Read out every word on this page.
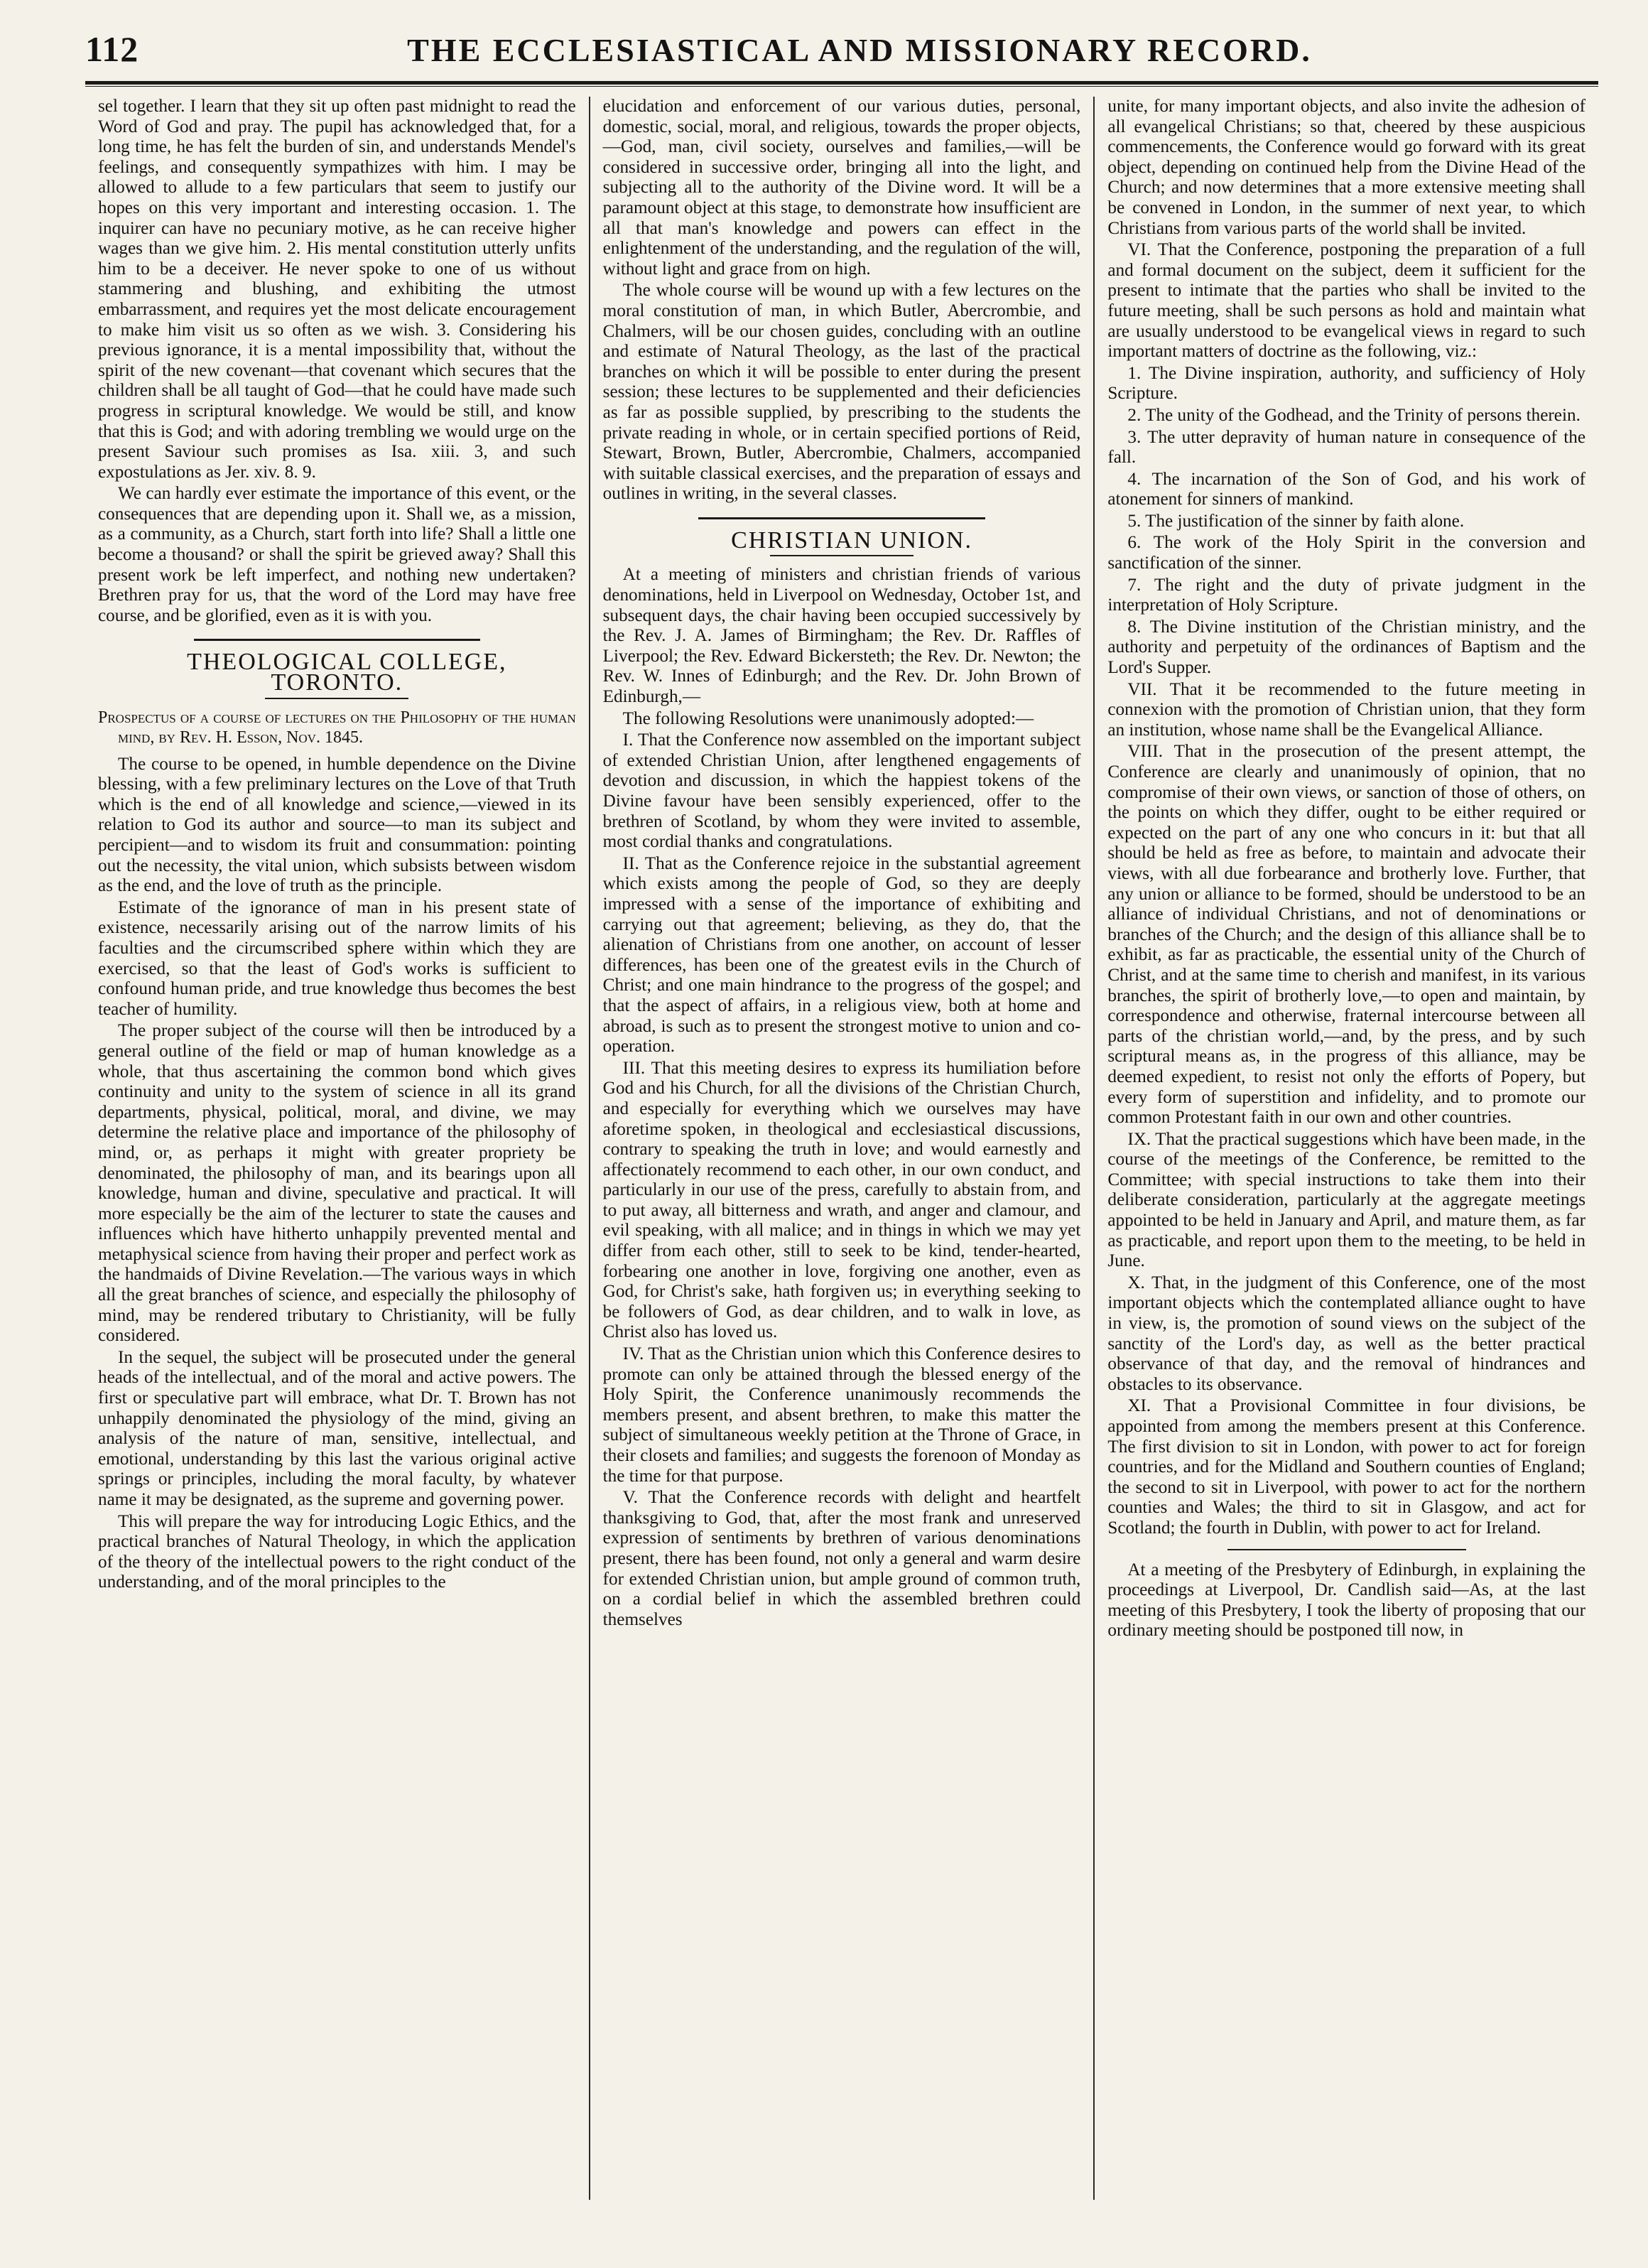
112	THE ECCLESIASTICAL AND MISSIONARY RECORD.

sel together. I learn that they sit up often past midnight to read the Word of God and pray. The pupil has acknowledged that, for a long time, he has felt the burden of sin, and understands Mendel's feelings, and consequently sympathizes with him. I may be allowed to allude to a few particulars that seem to justify our hopes on this very important and interesting occasion. 1. The inquirer can have no pecuniary motive, as he can receive higher wages than we give him. 2. His mental constitution utterly unfits him to be a deceiver. He never spoke to one of us without stammering and blushing, and exhibiting the utmost embarrassment, and requires yet the most delicate encouragement to make him visit us so often as we wish. 3. Considering his previous ignorance, it is a mental impossibility that, without the spirit of the new covenant—that covenant which secures that the children shall be all taught of God—that he could have made such progress in scriptural knowledge. We would be still, and know that this is God; and with adoring trembling we would urge on the present Saviour such promises as Isa. xiii. 3, and such expostulations as Jer. xiv. 8. 9.

We can hardly ever estimate the importance of this event, or the consequences that are depending upon it. Shall we, as a mission, as a community, as a Church, start forth into life? Shall a little one become a thousand? or shall the spirit be grieved away? Shall this present work be left imperfect, and nothing new undertaken? Brethren pray for us, that the word of the Lord may have free course, and be glorified, even as it is with you.

THEOLOGICAL COLLEGE, TORONTO.

Prospectus of a course of lectures on the Philosophy of the human mind, by Rev. H. Esson, Nov. 1845.

The course to be opened, in humble dependence on the Divine blessing, with a few preliminary lectures on the Love of that Truth which is the end of all knowledge and science,—viewed in its relation to God its author and source—to man its subject and percipient—and to wisdom its fruit and consummation: pointing out the necessity, the vital union, which subsists between wisdom as the end, and the love of truth as the principle.

Estimate of the ignorance of man in his present state of existence, necessarily arising out of the narrow limits of his faculties and the circumscribed sphere within which they are exercised, so that the least of God's works is sufficient to confound human pride, and true knowledge thus becomes the best teacher of humility.

The proper subject of the course will then be introduced by a general outline of the field or map of human knowledge as a whole, that thus ascertaining the common bond which gives continuity and unity to the system of science in all its grand departments, physical, political, moral, and divine, we may determine the relative place and importance of the philosophy of mind, or, as perhaps it might with greater propriety be denominated, the philosophy of man, and its bearings upon all knowledge, human and divine, speculative and practical. It will more especially be the aim of the lecturer to state the causes and influences which have hitherto unhappily prevented mental and metaphysical science from having their proper and perfect work as the handmaids of Divine Revelation.—The various ways in which all the great branches of science, and especially the philosophy of mind, may be rendered tributary to Christianity, will be fully considered.

In the sequel, the subject will be prosecuted under the general heads of the intellectual, and of the moral and active powers. The first or speculative part will embrace, what Dr. T. Brown has not unhappily denominated the physiology of the mind, giving an analysis of the nature of man, sensitive, intellectual, and emotional, understanding by this last the various original active springs or principles, including the moral faculty, by whatever name it may be designated, as the supreme and governing power.

This will prepare the way for introducing Logic Ethics, and the practical branches of Natural Theology, in which the application of the theory of the intellectual powers to the right conduct of the understanding, and of the moral principles to the

elucidation and enforcement of our various duties, personal, domestic, social, moral, and religious, towards the proper objects,—God, man, civil society, ourselves and families,—will be considered in successive order, bringing all into the light, and subjecting all to the authority of the Divine word. It will be a paramount object at this stage, to demonstrate how insufficient are all that man's knowledge and powers can effect in the enlightenment of the understanding, and the regulation of the will, without light and grace from on high.

The whole course will be wound up with a few lectures on the moral constitution of man, in which Butler, Abercrombie, and Chalmers, will be our chosen guides, concluding with an outline and estimate of Natural Theology, as the last of the practical branches on which it will be possible to enter during the present session; these lectures to be supplemented and their deficiencies as far as possible supplied, by prescribing to the students the private reading in whole, or in certain specified portions of Reid, Stewart, Brown, Butler, Abercrombie, Chalmers, accompanied with suitable classical exercises, and the preparation of essays and outlines in writing, in the several classes.

CHRISTIAN UNION.

At a meeting of ministers and christian friends of various denominations, held in Liverpool on Wednesday, October 1st, and subsequent days, the chair having been occupied successively by the Rev. J. A. James of Birmingham; the Rev. Dr. Raffles of Liverpool; the Rev. Edward Bickersteth; the Rev. Dr. Newton; the Rev. W. Innes of Edinburgh; and the Rev. Dr. John Brown of Edinburgh,—

The following Resolutions were unanimously adopted:—

I. That the Conference now assembled on the important subject of extended Christian Union, after lengthened engagements of devotion and discussion, in which the happiest tokens of the Divine favour have been sensibly experienced, offer to the brethren of Scotland, by whom they were invited to assemble, most cordial thanks and congratulations.

II. That as the Conference rejoice in the substantial agreement which exists among the people of God, so they are deeply impressed with a sense of the importance of exhibiting and carrying out that agreement; believing, as they do, that the alienation of Christians from one another, on account of lesser differences, has been one of the greatest evils in the Church of Christ; and one main hindrance to the progress of the gospel; and that the aspect of affairs, in a religious view, both at home and abroad, is such as to present the strongest motive to union and co-operation.

III. That this meeting desires to express its humiliation before God and his Church, for all the divisions of the Christian Church, and especially for everything which we ourselves may have aforetime spoken, in theological and ecclesiastical discussions, contrary to speaking the truth in love; and would earnestly and affectionately recommend to each other, in our own conduct, and particularly in our use of the press, carefully to abstain from, and to put away, all bitterness and wrath, and anger and clamour, and evil speaking, with all malice; and in things in which we may yet differ from each other, still to seek to be kind, tender-hearted, forbearing one another in love, forgiving one another, even as God, for Christ's sake, hath forgiven us; in everything seeking to be followers of God, as dear children, and to walk in love, as Christ also has loved us.

IV. That as the Christian union which this Conference desires to promote can only be attained through the blessed energy of the Holy Spirit, the Conference unanimously recommends the members present, and absent brethren, to make this matter the subject of simultaneous weekly petition at the Throne of Grace, in their closets and families; and suggests the forenoon of Monday as the time for that purpose.

V. That the Conference records with delight and heartfelt thanksgiving to God, that, after the most frank and unreserved expression of sentiments by brethren of various denominations present, there has been found, not only a general and warm desire for extended Christian union, but ample ground of common truth, on a cordial belief in which the assembled brethren could themselves

unite, for many important objects, and also invite the adhesion of all evangelical Christians; so that, cheered by these auspicious commencements, the Conference would go forward with its great object, depending on continued help from the Divine Head of the Church; and now determines that a more extensive meeting shall be convened in London, in the summer of next year, to which Christians from various parts of the world shall be invited.

VI. That the Conference, postponing the preparation of a full and formal document on the subject, deem it sufficient for the present to intimate that the parties who shall be invited to the future meeting, shall be such persons as hold and maintain what are usually understood to be evangelical views in regard to such important matters of doctrine as the following, viz.:

1. The Divine inspiration, authority, and sufficiency of Holy Scripture.

2. The unity of the Godhead, and the Trinity of persons therein.

3. The utter depravity of human nature in consequence of the fall.

4. The incarnation of the Son of God, and his work of atonement for sinners of mankind.

5. The justification of the sinner by faith alone.

6. The work of the Holy Spirit in the conversion and sanctification of the sinner.

7. The right and the duty of private judgment in the interpretation of Holy Scripture.

8. The Divine institution of the Christian ministry, and the authority and perpetuity of the ordinances of Baptism and the Lord's Supper.

VII. That it be recommended to the future meeting in connexion with the promotion of Christian union, that they form an institution, whose name shall be the Evangelical Alliance.

VIII. That in the prosecution of the present attempt, the Conference are clearly and unanimously of opinion, that no compromise of their own views, or sanction of those of others, on the points on which they differ, ought to be either required or expected on the part of any one who concurs in it: but that all should be held as free as before, to maintain and advocate their views, with all due forbearance and brotherly love. Further, that any union or alliance to be formed, should be understood to be an alliance of individual Christians, and not of denominations or branches of the Church; and the design of this alliance shall be to exhibit, as far as practicable, the essential unity of the Church of Christ, and at the same time to cherish and manifest, in its various branches, the spirit of brotherly love,—to open and maintain, by correspondence and otherwise, fraternal intercourse between all parts of the christian world,—and, by the press, and by such scriptural means as, in the progress of this alliance, may be deemed expedient, to resist not only the efforts of Popery, but every form of superstition and infidelity, and to promote our common Protestant faith in our own and other countries.

IX. That the practical suggestions which have been made, in the course of the meetings of the Conference, be remitted to the Committee; with special instructions to take them into their deliberate consideration, particularly at the aggregate meetings appointed to be held in January and April, and mature them, as far as practicable, and report upon them to the meeting, to be held in June.

X. That, in the judgment of this Conference, one of the most important objects which the contemplated alliance ought to have in view, is, the promotion of sound views on the subject of the sanctity of the Lord's day, as well as the better practical observance of that day, and the removal of hindrances and obstacles to its observance.

XI. That a Provisional Committee in four divisions, be appointed from among the members present at this Conference. The first division to sit in London, with power to act for foreign countries, and for the Midland and Southern counties of England; the second to sit in Liverpool, with power to act for the northern counties and Wales; the third to sit in Glasgow, and act for Scotland; the fourth in Dublin, with power to act for Ireland.

At a meeting of the Presbytery of Edinburgh, in explaining the proceedings at Liverpool, Dr. Candlish said—As, at the last meeting of this Presbytery, I took the liberty of proposing that our ordinary meeting should be postponed till now, in
